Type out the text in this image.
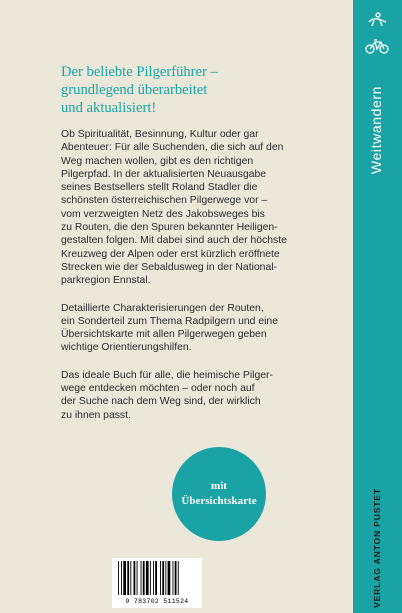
Weitwandern
Der beliebte Pilgerführer –
grundlegend überarbeitet
und aktualisiert!

Ob Spiritualität, Besinnung, Kultur oder gar
Abenteuer: Für alle Suchenden, die sich auf den
Weg machen wollen, gibt es den richtigen
Pilgerpfad. In der aktualisierten Neuausgabe
seines Bestsellers stellt Roland Stadler die
schönsten österreichischen Pilgerwege vor –
vom verzweigten Netz des Jakobsweges bis
zu Routen, die den Spuren bekannter Heiligen-
gestalten folgen. Mit dabei sind auch der höchste
Kreuzweg der Alpen oder erst kürzlich eröffnete
Strecken wie der Sebaldusweg in der National-
parkregion Ennstal.

Detaillierte Charakterisierungen der Routen,
ein Sonderteil zum Thema Radpilgern und eine
Übersichtskarte mit allen Pilgerwegen geben
wichtige Orientierungshilfen.

Das ideale Buch für alle, die heimische Pilger-
wege entdecken möchten – oder noch auf
der Suche nach dem Weg sind, der wirklich
zu ihnen passt.

mit
Übersichtskarte	VERLAG ANTON PUSTET
9 783702 511524
